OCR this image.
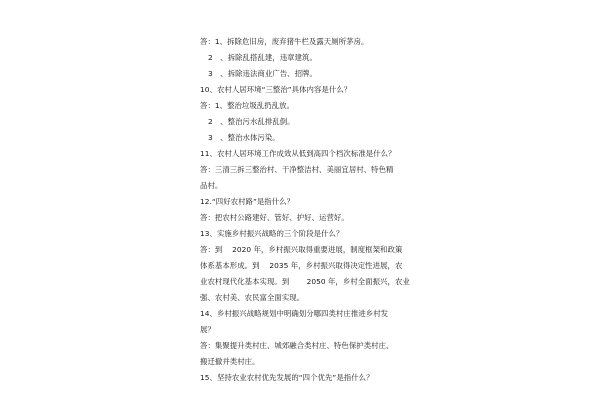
答：1、拆除危旧房，废弃猪牛栏及露天厕所茅房。
2　、拆除乱搭乱建，违章建筑。
3　、拆除违法商业广告、招牌。
10、农村人居环境“三整治”具体内容是什么？
答：1、整治垃圾乱扔乱放。
2　、整治污水乱排乱倒。
3　、整治水体污染。
11、农村人居环境工作成效从低到高四个档次标准是什么？
答：三清三拆三整治村、干净整洁村、美丽宜居村、特色精
品村。
12.“四好农村路”是指什么？
答：把农村公路建好、管好、护好、运营好。
13、实施乡村振兴战略的三个阶段是什么？
答：到　 2020 年，乡村振兴取得重要进展，制度框架和政策
体系基本形成。到　 2035 年，乡村振兴取得决定性进展，农
业农村现代化基本实现。到　　 2050 年，乡村全面振兴，农业
强、农村美、农民富全面实现。
14、乡村振兴战略规划中明确划分哪四类村庄推进乡村发
展？
答：集聚提升类村庄、城郊融合类村庄、特色保护类村庄、
搬迁撤并类村庄。
15、坚持农业农村优先发展的“四个优先”是指什么？
